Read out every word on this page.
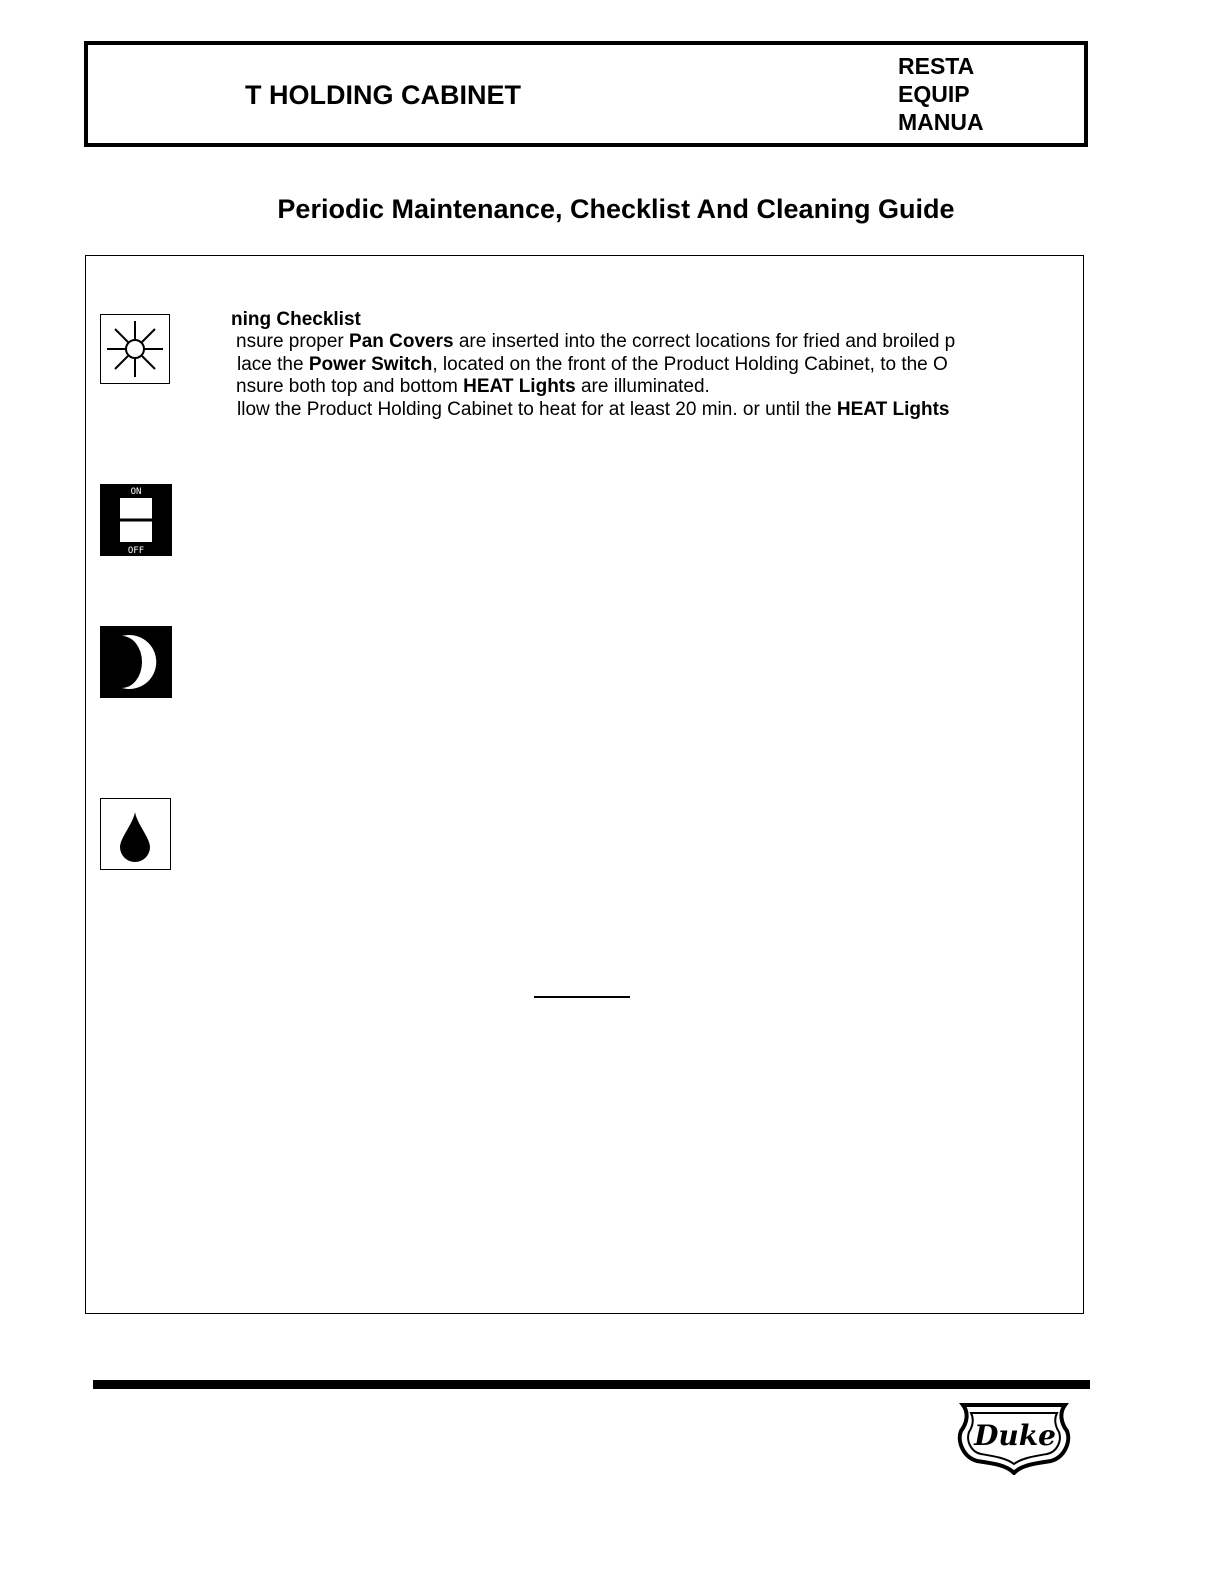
T HOLDING CABINET
RESTA
EQUIP
MANUA
Periodic Maintenance, Checklist And Cleaning Guide
ON
OFF
ning Checklist
nsure proper Pan Covers are inserted into the correct locations for fried and broiled p
lace the Power Switch, located on the front of the Product Holding Cabinet, to the O
nsure both top and bottom HEAT Lights are illuminated.
llow the Product Holding Cabinet to heat for at least 20 min. or until the HEAT Lights
Duke
